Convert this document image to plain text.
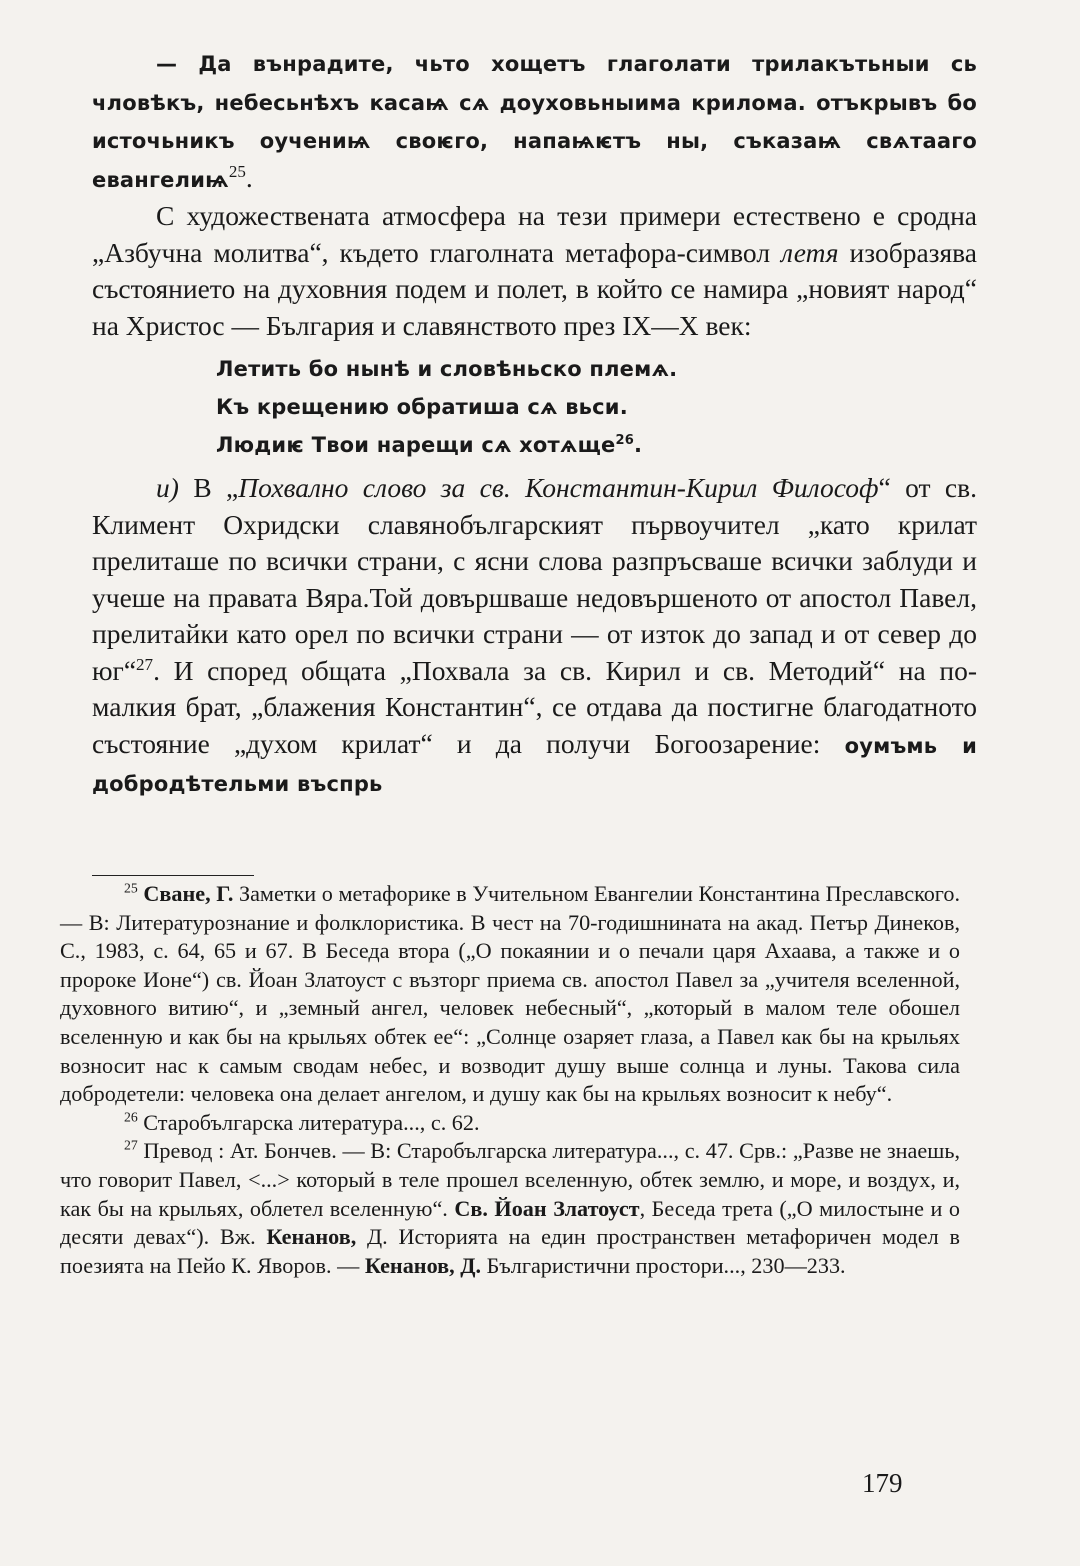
— Да вънрадите, чьто хощетъ глаголати трилакътьныи сь чловѣкъ, небесьнѣхъ касаѩ сѧ доуховьныима крилома. отъкрывъ бо источьникъ оучениѩ своѥго, напаѩѥтъ ны, съказаѩ свѧтааго евангелиѩ$^{25}$.

С художествената атмосфера на тези примери естествено е сродна „Азбучна молитва“, където глаголната метафора-символ летя изобразява състоянието на духовния подем и полет, в който се намира „новият народ“ на Христос — България и славянството през IX—X век:

Летить бо нынѣ и словѣньско племѧ.
Къ крещению обратиша сѧ вьси.
Людиѥ Твои нарещи сѧ хотѧще$^{26}$.

и) В „Похвално слово за св. Константин-Кирил Философ“ от св. Климент Охридски славянобългарският първоучител „като крилат прелиташе по всички страни, с ясни слова разпръсваше всички заблуди и учеше на правата Вяра.Той довършваше недовършеното от апостол Павел, прелитайки като орел по всички страни — от изток до запад и от север до юг“$^{27}$. И според общата „Похвала за св. Кирил и св. Методий“ на по-малкия брат, „блажения Константин“, се отдава да постигне благодатното състояние „духом крилат“ и да получи Богоозарение: оумъмь и добродѣтельми въспрь

$^{25}$ Сване, Г. Заметки о метафорике в Учительном Евангелии Константина Преславского. — В: Литературознание и фолклористика. В чест на 70-годишнината на акад. Петър Динеков, С., 1983, с. 64, 65 и 67. В Беседа втора („О покаянии и о печали царя Ахаава, а также и о пророке Ионе“) св. Йоан Златоуст с възторг приема св. апостол Павел за „учителя вселенной, духовного витию“, и „земный ангел, человек небесный“, „который в малом теле обошел вселенную и как бы на крыльях обтек ее“: „Солнце озаряет глаза, а Павел как бы на крыльях возносит нас к самым сводам небес, и возводит душу выше солнца и луны. Такова сила добродетели: человека она делает ангелом, и душу как бы на крыльях возносит к небу“.

$^{26}$ Старобългарска литература..., с. 62.

$^{27}$ Превод : Ат. Бончев. — В: Старобългарска литература..., с. 47. Срв.: „Разве не знаешь, что говорит Павел, <...> который в теле прошел вселенную, обтек землю, и море, и воздух, и, как бы на крыльях, облетел вселенную“. Св. Йоан Златоуст, Беседа трета („О милостыне и о десяти девах“). Вж. Кенанов, Д. Историята на един пространствен метафоричен модел в поезията на Пейо К. Яворов. — Кенанов, Д. Българистични простори..., 230—233.

179
